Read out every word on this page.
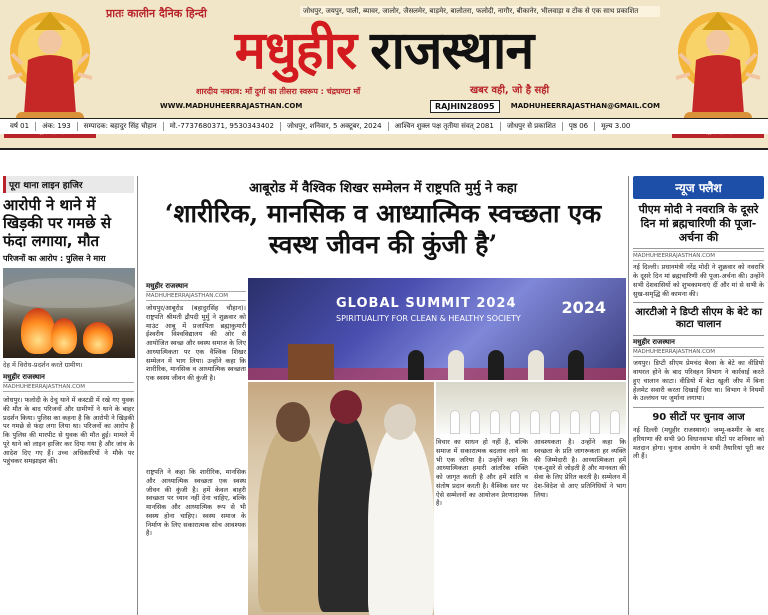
प्रातः कालीन दैनिक हिन्दी	जोधपुर, जयपुर, पाली, ब्यावर, जालोर, जैसलमेर, बाड़मेर, बालोतरा, फलोदी, नागौर, बीकानेर, भीलवाड़ा व टोंक से एक साथ प्रकाशित
मधुहीर राजस्थान
शारदीय नवरात्र: माँ दुर्गा का तीसरा स्वरूप : चंद्रघण्टा माँ	खबर वही, जो है सही
WWW.MADHUHEERRAJASTHAN.COM	RAJHIN28095	MADHUHEERRAJASTHAN@GMAIL.COM
वर्ष 01	अंक: 193	सम्पादक: बहादुर सिंह चौहान	मो.-7737680371, 9530343402	जोधपुर, शनिवार, 5 अक्टूबर, 2024	आश्विन शुक्ल पक्ष तृतीया संवत् 2081	जोधपुर से प्रकाशित	पृष्ठ 06	मूल्य 3.00
पूरा थाना लाइन हाजिर
आरोपी ने थाने में खिड़की पर गमछे से फंदा लगाया, मौत
परिजनों का आरोप : पुलिस ने मारा
देह में विरोध-प्रदर्शन करते ग्रामीण।
मधुहीर राजस्थान
MADHUHEERRAJASTHAN.COM
जोधपुर। फलोदी के देचु थाने में कस्टडी में रखे गए युवक की मौत के बाद परिजनों और ग्रामीणों ने थाने के बाहर प्रदर्शन किया। पुलिस का कहना है कि आरोपी ने खिड़की पर गमछे से फंदा लगा लिया था। परिजनों का आरोप है कि पुलिस की मारपीट से युवक की मौत हुई। मामले में पूरे थाने को लाइन हाजिर कर दिया गया है और जांच के आदेश दिए गए हैं। उच्च अधिकारियों ने मौके पर पहुंचकर समझाइश की।
आबूरोड में वैश्विक शिखर सम्मेलन में राष्ट्रपति मुर्मु ने कहा
‘शारीरिक, मानसिक व आध्यात्मिक स्वच्छता एक स्वस्थ जीवन की कुंजी है’
मधुहीर राजस्थान
MADHUHEERRAJASTHAN.COM
जोधपुर/आबूरोड (बहादुरसिंह चौहान)। राष्ट्रपति श्रीमती द्रौपदी मुर्मु ने शुक्रवार को माउंट आबू में प्रजापिता ब्रह्माकुमारी ईश्वरीय विश्वविद्यालय की ओर से आयोजित स्वच्छ और स्वस्थ समाज के लिए आध्यात्मिकता पर एक वैश्विक शिखर सम्मेलन में भाग लिया। उन्होंने कहा कि शारीरिक, मानसिक व आध्यात्मिक स्वच्छता एक स्वस्थ जीवन की कुंजी है।
GLOBAL SUMMIT 2024
SPIRITUALITY FOR CLEAN & HEALTHY SOCIETY
2024
राष्ट्रपति ने कहा कि शारीरिक, मानसिक और आध्यात्मिक स्वच्छता एक स्वस्थ जीवन की कुंजी है। हमें केवल बाहरी स्वच्छता पर ध्यान नहीं देना चाहिए, बल्कि मानसिक और आध्यात्मिक रूप से भी स्वस्थ होना चाहिए। स्वस्थ समाज के निर्माण के लिए सकारात्मक सोच आवश्यक है।
विचार का साधन हो नहीं है, बल्कि समाज में सकारात्मक बदलाव लाने का भी एक जरिया है। उन्होंने कहा कि आध्यात्मिकता हमारी आंतरिक शक्ति को जागृत करती है और हमें शांति व संतोष प्रदान करती है। वैश्विक स्तर पर ऐसे सम्मेलनों का आयोजन प्रेरणादायक है।
आवश्यकता है। उन्होंने कहा कि स्वच्छता के प्रति जागरूकता हर व्यक्ति की जिम्मेदारी है। आध्यात्मिकता हमें एक-दूसरे से जोड़ती है और मानवता की सेवा के लिए प्रेरित करती है। सम्मेलन में देश-विदेश से आए प्रतिनिधियों ने भाग लिया।
न्यूज फ्लैश
पीएम मोदी ने नवरात्रि के दूसरे दिन मां ब्रह्मचारिणी की पूजा-अर्चना की
MADHUHEERRAJASTHAN.COM
नई दिल्ली। प्रधानमंत्री नरेंद्र मोदी ने शुक्रवार को नवरात्रि के दूसरे दिन मां ब्रह्मचारिणी की पूजा-अर्चना की। उन्होंने सभी देशवासियों को शुभकामनाएं दीं और मां से सभी के सुख-समृद्धि की कामना की।
आरटीओ ने डिप्टी सीएम के बेटे का काटा चालान
मधुहीर राजस्थान
MADHUHEERRAJASTHAN.COM
जयपुर। डिप्टी सीएम प्रेमचंद बैरवा के बेटे का वीडियो वायरल होने के बाद परिवहन विभाग ने कार्रवाई करते हुए चालान काटा। वीडियो में बेटा खुली जीप में बिना हेलमेट सवारी करता दिखाई दिया था। विभाग ने नियमों के उल्लंघन पर जुर्माना लगाया।
90 सीटों पर चुनाव आज
नई दिल्ली (मधुहीर राजस्थान)। जम्मू-कश्मीर के बाद हरियाणा की सभी 90 विधानसभा सीटों पर शनिवार को मतदान होगा। चुनाव आयोग ने सभी तैयारियां पूरी कर ली हैं।
